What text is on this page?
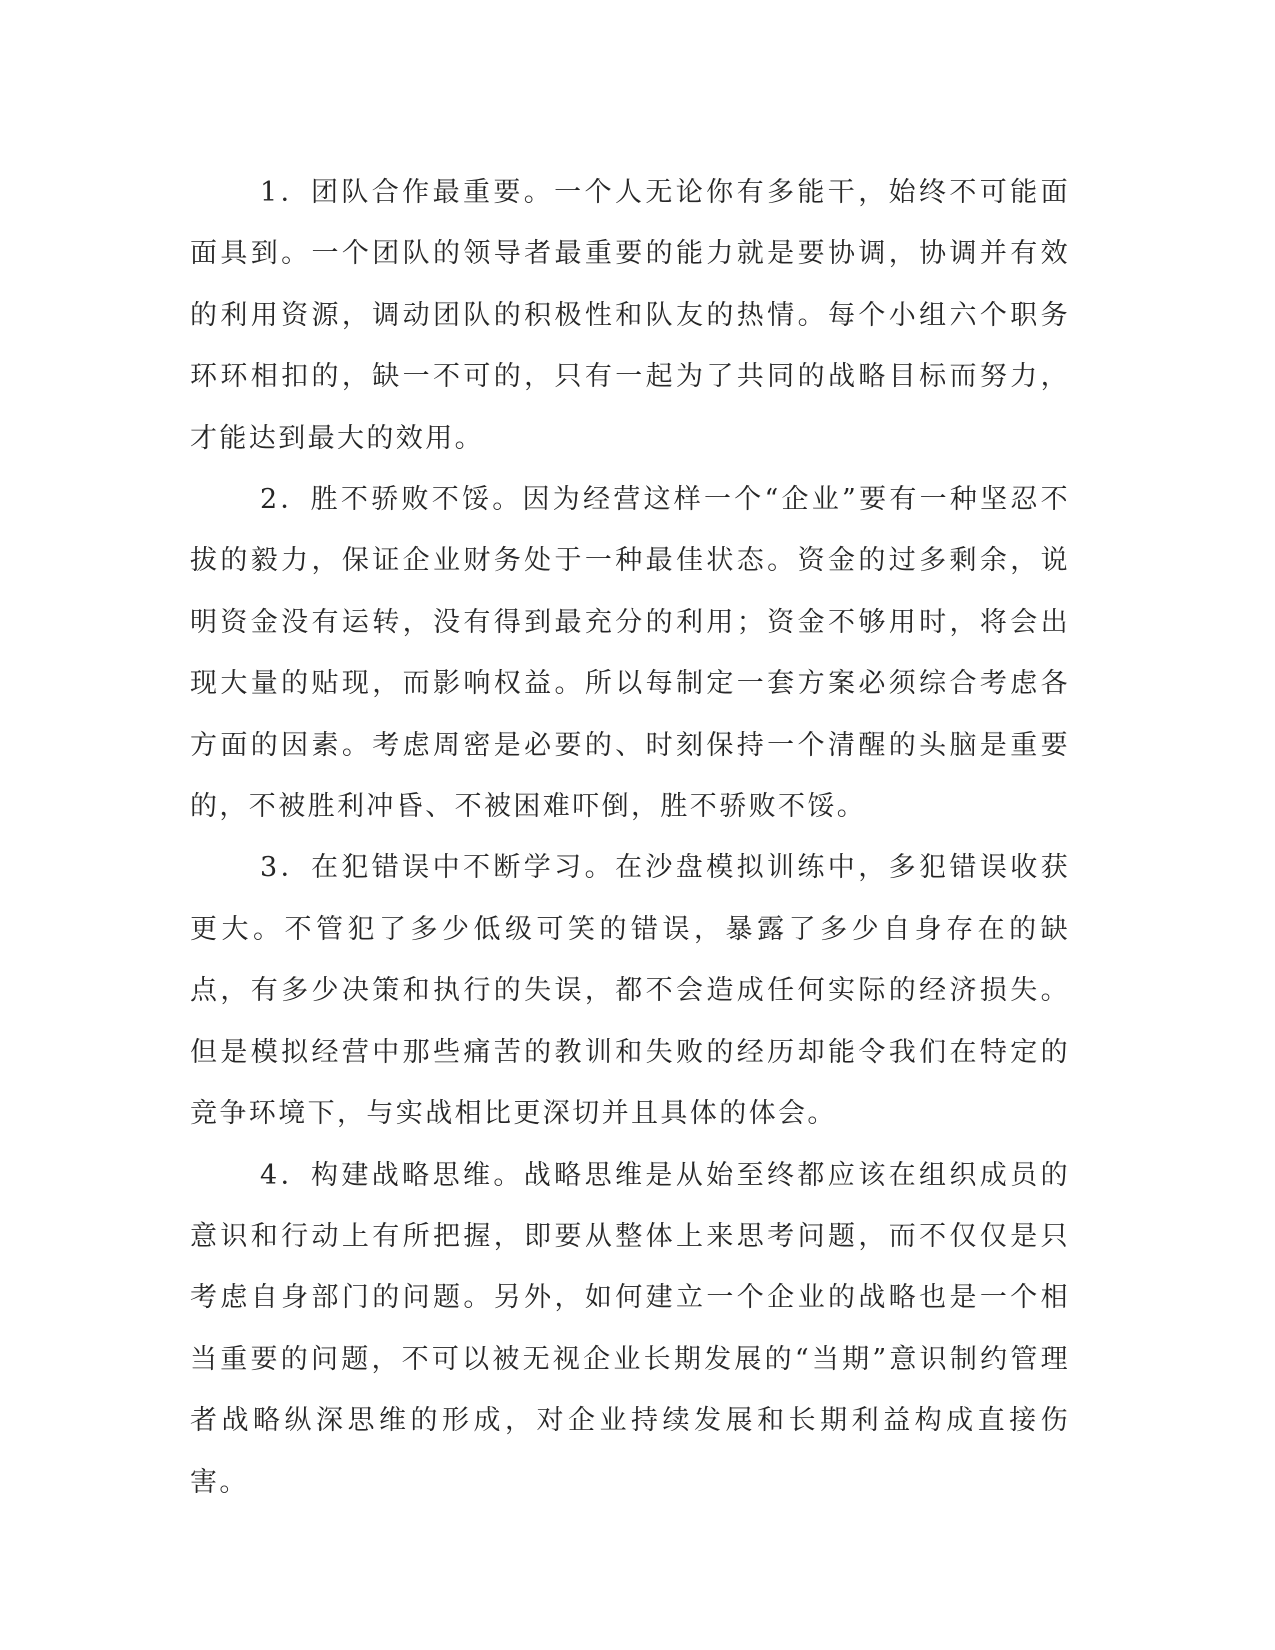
1．团队合作最重要。一个人无论你有多能干，始终不可能面面具到。一个团队的领导者最重要的能力就是要协调，协调并有效的利用资源，调动团队的积极性和队友的热情。每个小组六个职务环环相扣的，缺一不可的，只有一起为了共同的战略目标而努力，才能达到最大的效用。

2．胜不骄败不馁。因为经营这样一个“企业”要有一种坚忍不拔的毅力，保证企业财务处于一种最佳状态。资金的过多剩余，说明资金没有运转，没有得到最充分的利用；资金不够用时，将会出现大量的贴现，而影响权益。所以每制定一套方案必须综合考虑各方面的因素。考虑周密是必要的、时刻保持一个清醒的头脑是重要的，不被胜利冲昏、不被困难吓倒，胜不骄败不馁。

3．在犯错误中不断学习。在沙盘模拟训练中，多犯错误收获更大。不管犯了多少低级可笑的错误，暴露了多少自身存在的缺点，有多少决策和执行的失误，都不会造成任何实际的经济损失。但是模拟经营中那些痛苦的教训和失败的经历却能令我们在特定的竞争环境下，与实战相比更深切并且具体的体会。

4．构建战略思维。战略思维是从始至终都应该在组织成员的意识和行动上有所把握，即要从整体上来思考问题，而不仅仅是只考虑自身部门的问题。另外，如何建立一个企业的战略也是一个相当重要的问题，不可以被无视企业长期发展的“当期”意识制约管理者战略纵深思维的形成，对企业持续发展和长期利益构成直接伤害。
